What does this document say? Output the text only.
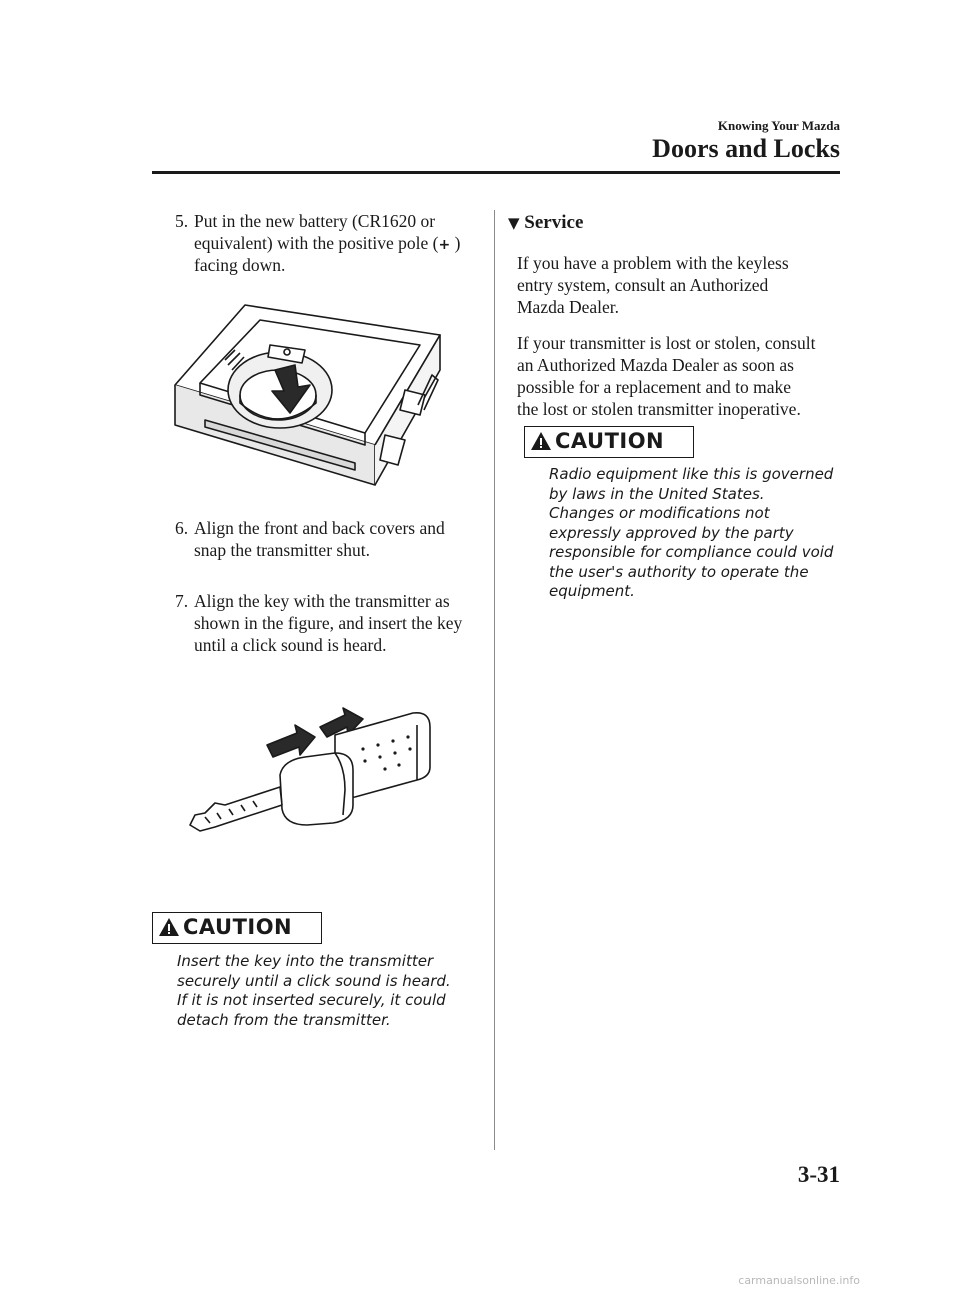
Knowing Your Mazda
Doors and Locks
5. Put in the new battery (CR1620 or
equivalent) with the positive pole (+ )
facing down.
6. Align the front and back covers and
snap the transmitter shut.
7. Align the key with the transmitter as
shown in the figure, and insert the key
until a click sound is heard.
CAUTION
Insert the key into the transmitter
securely until a click sound is heard.
If it is not inserted securely, it could
detach from the transmitter.
▼ Service
If you have a problem with the keyless
entry system, consult an Authorized
Mazda Dealer.
If your transmitter is lost or stolen, consult
an Authorized Mazda Dealer as soon as
possible for a replacement and to make
the lost or stolen transmitter inoperative.
CAUTION
Radio equipment like this is governed
by laws in the United States.
Changes or modifications not
expressly approved by the party
responsible for compliance could void
the user's authority to operate the
equipment.
3-31
carmanualsonline.info
